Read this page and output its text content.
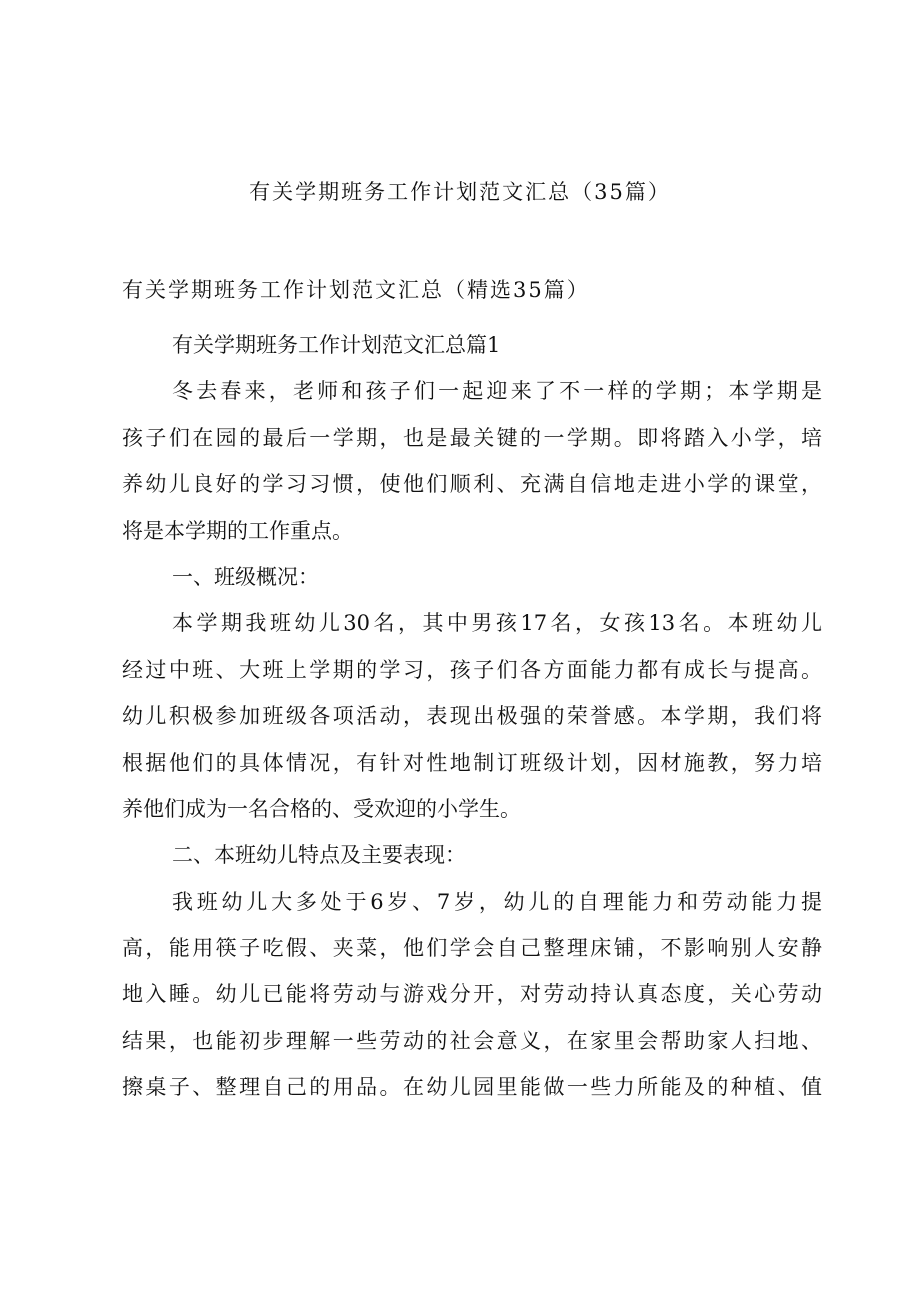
有关学期班务工作计划范文汇总（35篇）
有关学期班务工作计划范文汇总（精选35篇）
有关学期班务工作计划范文汇总篇1
冬去春来，老师和孩子们一起迎来了不一样的学期；本学期是
孩子们在园的最后一学期，也是最关键的一学期。即将踏入小学，培
养幼儿良好的学习习惯，使他们顺利、充满自信地走进小学的课堂，
将是本学期的工作重点。
一、班级概况：
本学期我班幼儿30名，其中男孩17名，女孩13名。本班幼儿
经过中班、大班上学期的学习，孩子们各方面能力都有成长与提高。
幼儿积极参加班级各项活动，表现出极强的荣誉感。本学期，我们将
根据他们的具体情况，有针对性地制订班级计划，因材施教，努力培
养他们成为一名合格的、受欢迎的小学生。
二、本班幼儿特点及主要表现：
我班幼儿大多处于6岁、7岁，幼儿的自理能力和劳动能力提
高，能用筷子吃假、夹菜，他们学会自己整理床铺，不影响别人安静
地入睡。幼儿已能将劳动与游戏分开，对劳动持认真态度，关心劳动
结果，也能初步理解一些劳动的社会意义，在家里会帮助家人扫地、
擦桌子、整理自己的用品。在幼儿园里能做一些力所能及的种植、值
